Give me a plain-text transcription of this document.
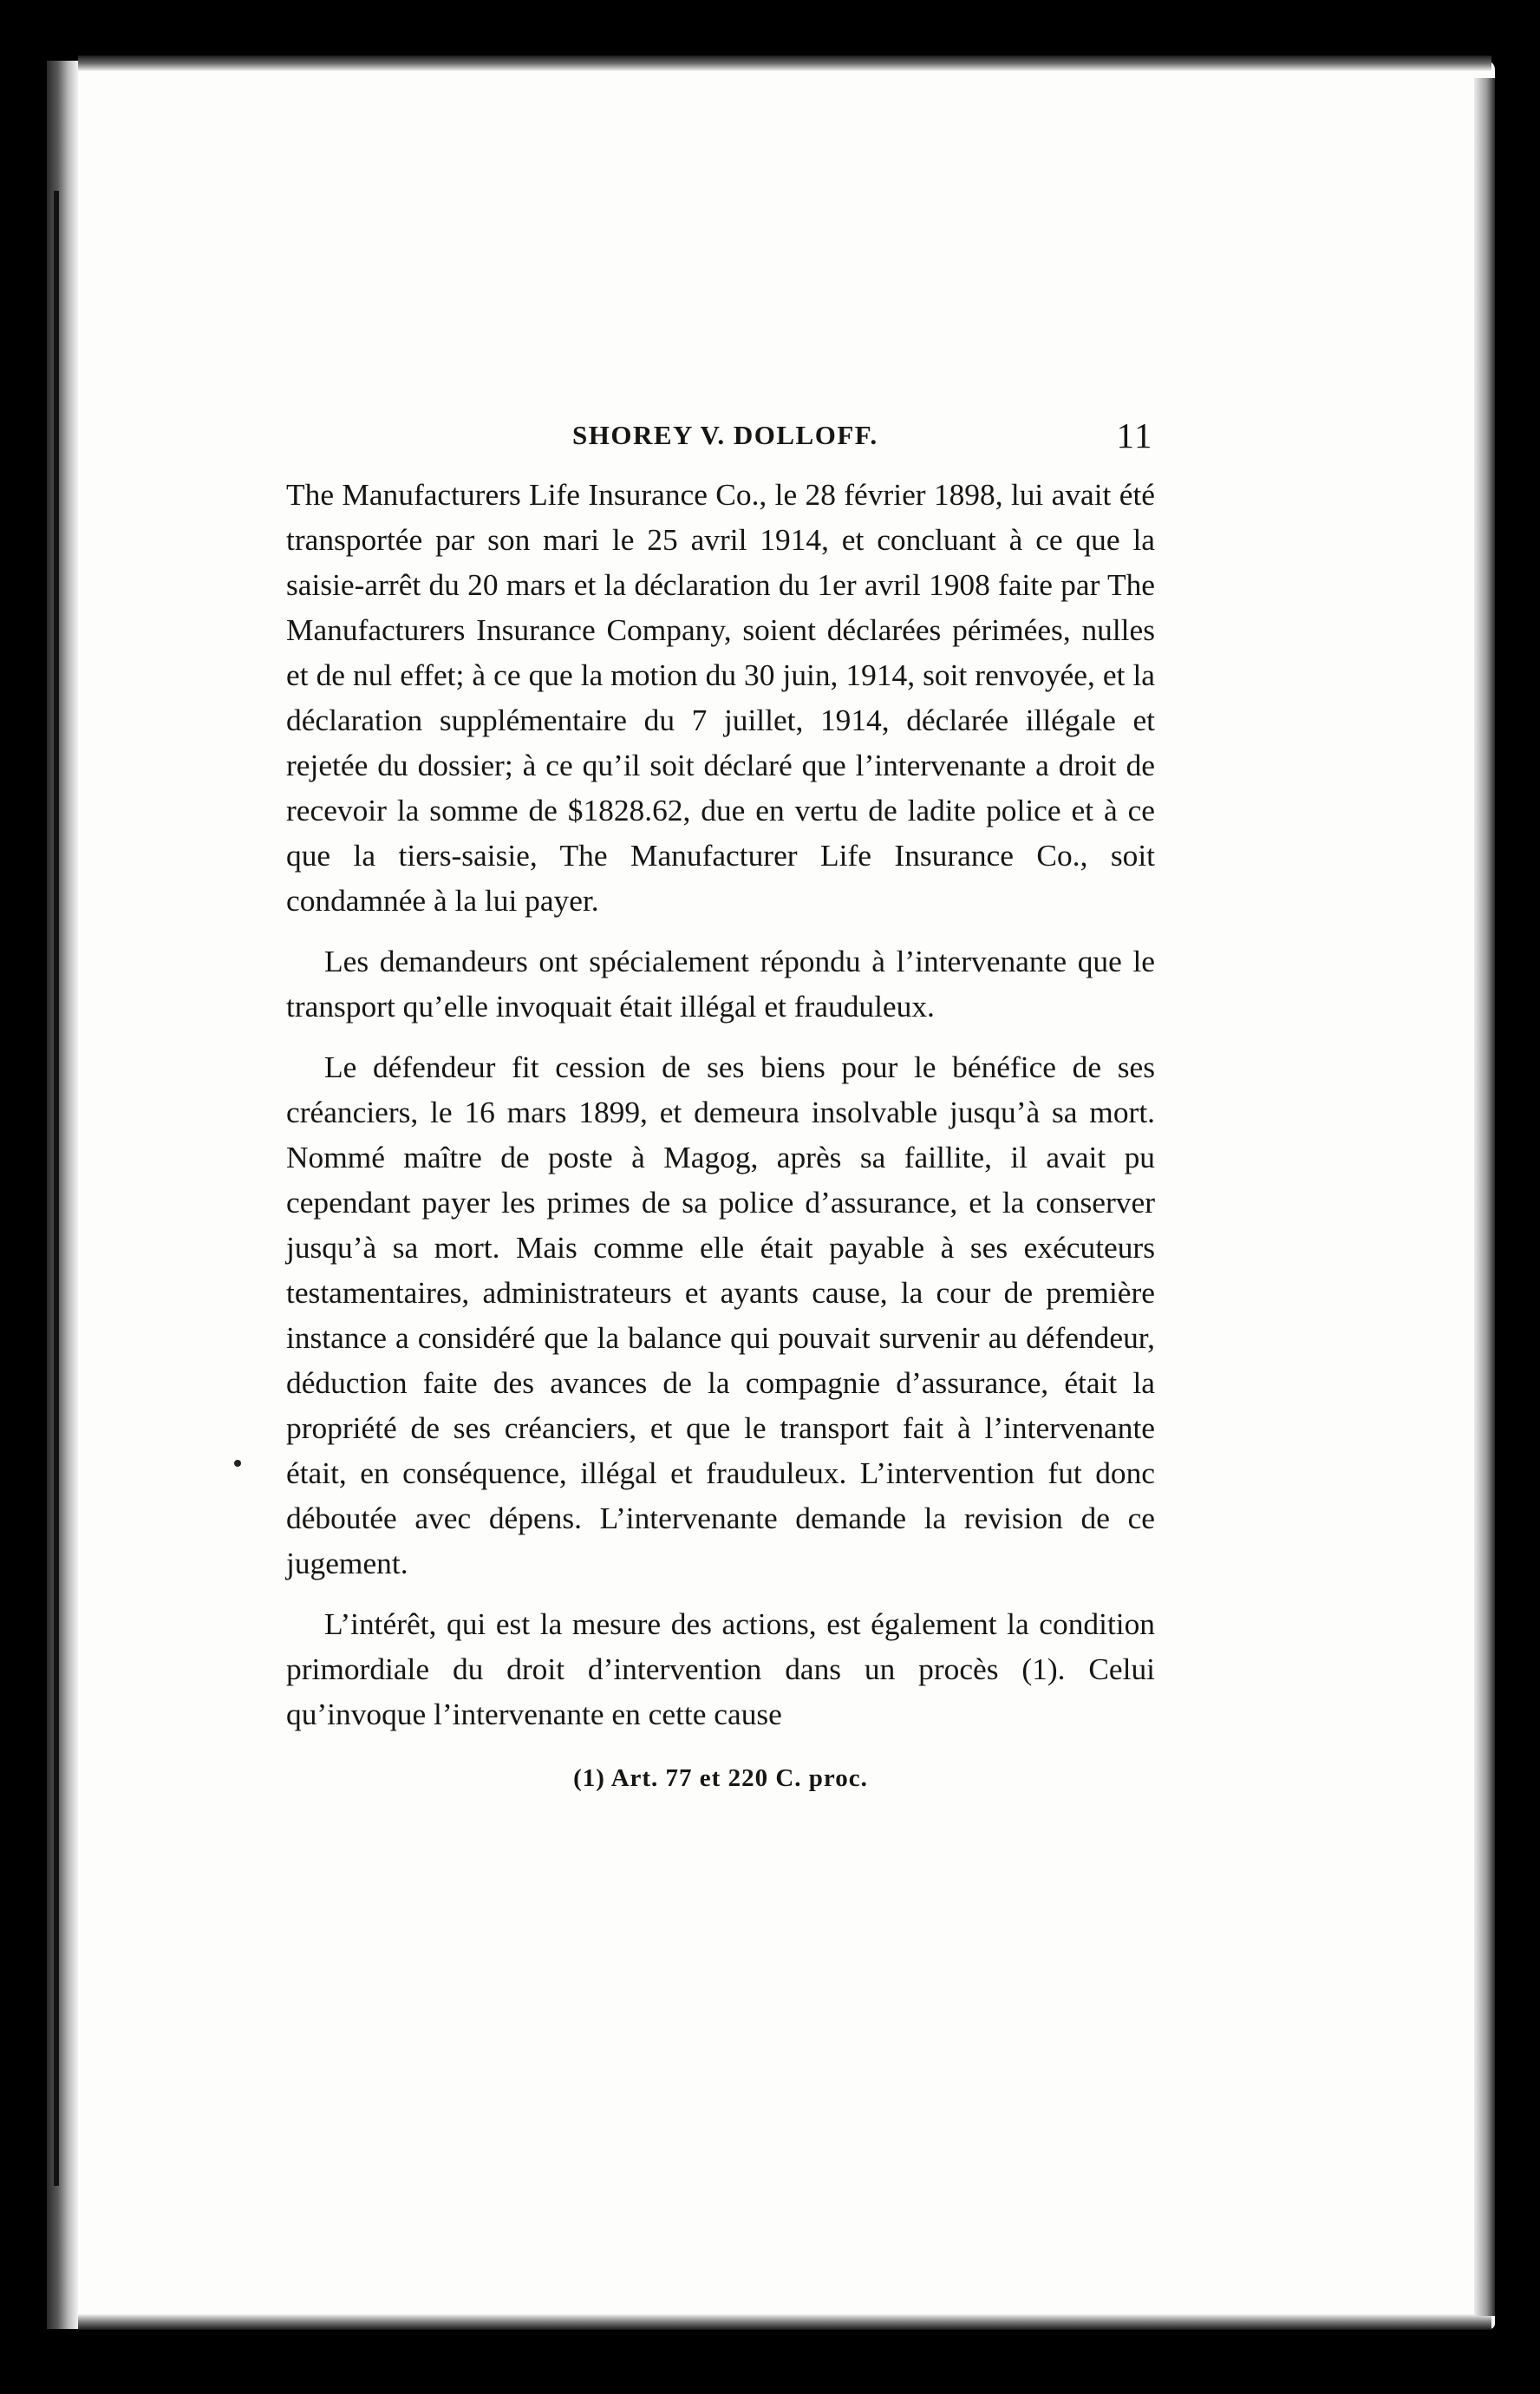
SHOREY V. DOLLOFF.	11

The Manufacturers Life Insurance Co., le 28 février 1898, lui avait été transportée par son mari le 25 avril 1914, et concluant à ce que la saisie-arrêt du 20 mars et la déclaration du 1er avril 1908 faite par The Manufacturers Insurance Company, soient déclarées périmées, nulles et de nul effet; à ce que la motion du 30 juin, 1914, soit renvoyée, et la déclaration supplémentaire du 7 juillet, 1914, déclarée illégale et rejetée du dossier; à ce qu’il soit déclaré que l’intervenante a droit de recevoir la somme de $1828.62, due en vertu de ladite police et à ce que la tiers-saisie, The Manufacturer Life Insurance Co., soit condamnée à la lui payer.

Les demandeurs ont spécialement répondu à l’intervenante que le transport qu’elle invoquait était illégal et frauduleux.

Le défendeur fit cession de ses biens pour le bénéfice de ses créanciers, le 16 mars 1899, et demeura insolvable jusqu’à sa mort. Nommé maître de poste à Magog, après sa faillite, il avait pu cependant payer les primes de sa police d’assurance, et la conserver jusqu’à sa mort. Mais comme elle était payable à ses exécuteurs testamentaires, administrateurs et ayants cause, la cour de première instance a considéré que la balance qui pouvait survenir au défendeur, déduction faite des avances de la compagnie d’assurance, était la propriété de ses créanciers, et que le transport fait à l’intervenante était, en conséquence, illégal et frauduleux. L’intervention fut donc déboutée avec dépens. L’intervenante demande la revision de ce jugement.

L’intérêt, qui est la mesure des actions, est également la condition primordiale du droit d’intervention dans un procès (1). Celui qu’invoque l’intervenante en cette cause

(1) Art. 77 et 220 C. proc.
